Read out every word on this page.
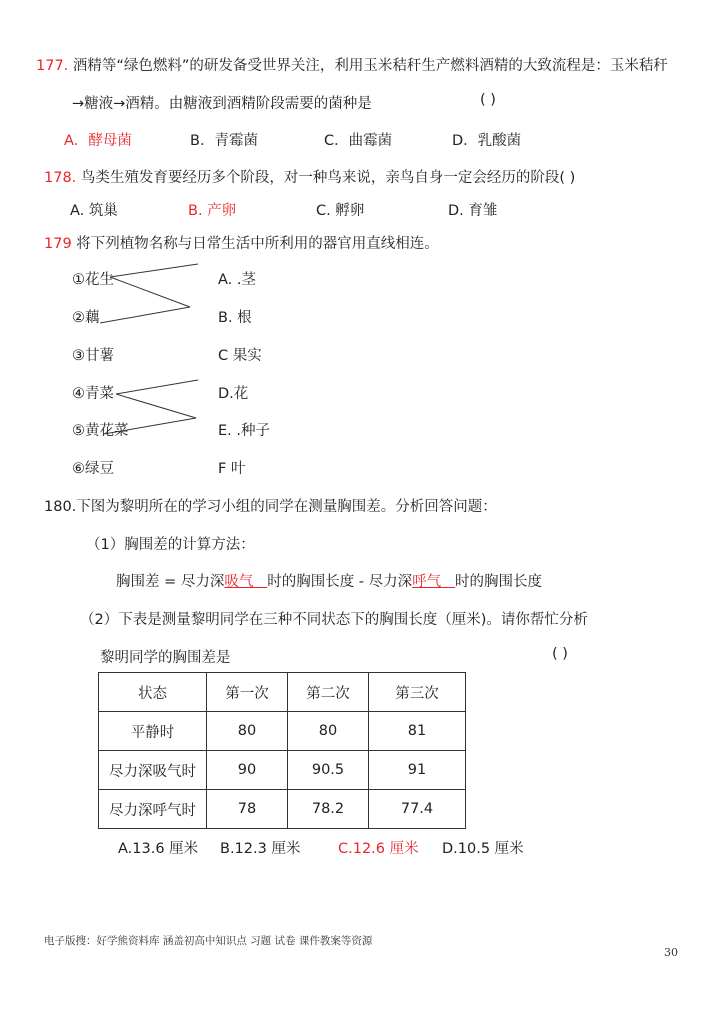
177. 酒精等“绿色燃料”的研发备受世界关注，利用玉米秸秆生产燃料酒精的大致流程是：玉米秸秆
→糖液→酒精。由糖液到酒精阶段需要的菌种是	( )
A．酵母菌	B．青霉菌	C．曲霉菌	D．乳酸菌
178. 鸟类生殖发育要经历多个阶段，对一种鸟来说，亲鸟自身一定会经历的阶段( )
A. 筑巢	B. 产卵	C. 孵卵	D. 育雏
179 将下列植物名称与日常生活中所利用的器官用直线相连。
①花生
②藕
③甘薯
④青菜
⑤黄花菜
⑥绿豆
A. .茎
B. 根
C 果实
D.花
E. .种子
F 叶
180.下图为黎明所在的学习小组的同学在测量胸围差。分析回答问题：
（1）胸围差的计算方法：
胸围差 = 尽力深吸气 时的胸围长度 - 尽力深呼气 时的胸围长度
（2）下表是测量黎明同学在三种不同状态下的胸围长度（厘米)。请你帮忙分析
黎明同学的胸围差是	( )
状态	第一次	第二次	第三次
平静时	80	80	81
尽力深吸气时	90	90.5	91
尽力深呼气时	78	78.2	77.4
A.13.6 厘米 B.12.3 厘米	C.12.6 厘米 D.10.5 厘米
电子版搜：好学熊资料库 涵盖初高中知识点 习题 试卷 课件教案等资源
30
